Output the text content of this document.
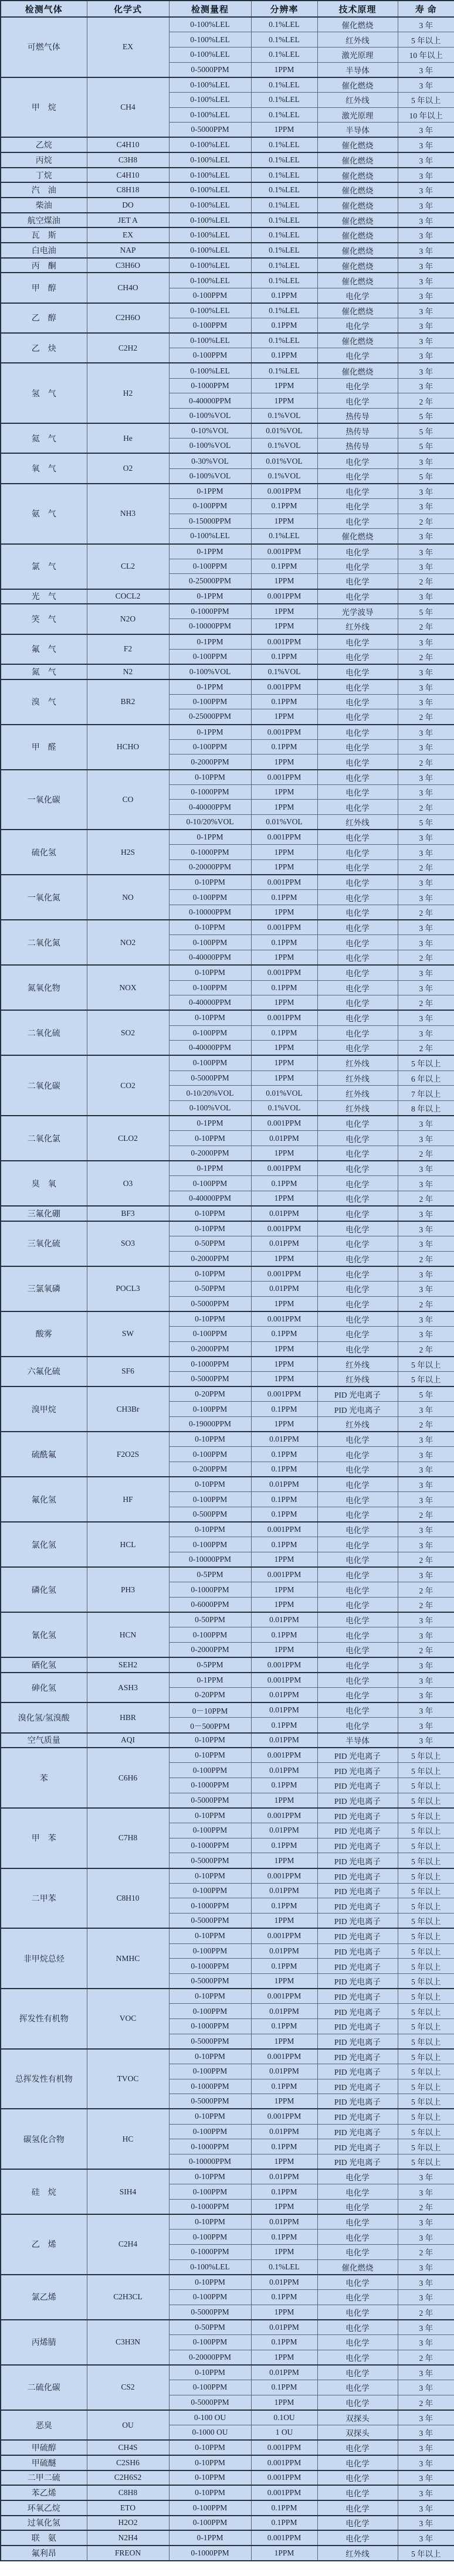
检测气体	化学式	检测量程	分辨率	技术原理	寿 命
可燃气体	EX	0-100%LEL	0.1%LEL	催化燃烧	3 年
		0-100%LEL	0.1%LEL	红外线	5 年以上
		0-100%LEL	0.1%LEL	激光原理	10 年以上
		0-5000PPM	1PPM	半导体	3 年
甲　烷	CH4	0-100%LEL	0.1%LEL	催化燃烧	3 年
		0-100%LEL	0.1%LEL	红外线	5 年以上
		0-100%LEL	0.1%LEL	激光原理	10 年以上
		0-5000PPM	1PPM	半导体	3 年
乙烷	C4H10	0-100%LEL	0.1%LEL	催化燃烧	3 年
丙烷	C3H8	0-100%LEL	0.1%LEL	催化燃烧	3 年
丁烷	C4H10	0-100%LEL	0.1%LEL	催化燃烧	3 年
汽　油	C8H18	0-100%LEL	0.1%LEL	催化燃烧	3 年
柴油	DO	0-100%LEL	0.1%LEL	催化燃烧	3 年
航空煤油	JET A	0-100%LEL	0.1%LEL	催化燃烧	3 年
瓦　斯	EX	0-100%LEL	0.1%LEL	催化燃烧	3 年
白电油	NAP	0-100%LEL	0.1%LEL	催化燃烧	3 年
丙　酮	C3H6O	0-100%LEL	0.1%LEL	催化燃烧	3 年
甲　醇	CH4O	0-100%LEL	0.1%LEL	催化燃烧	3 年
		0-100PPM	0.1PPM	电化学	3 年
乙　醇	C2H6O	0-100%LEL	0.1%LEL	催化燃烧	3 年
		0-100PPM	0.1PPM	电化学	3 年
乙　炔	C2H2	0-100%LEL	0.1%LEL	催化燃烧	3 年
		0-100PPM	0.1PPM	电化学	3 年
氢　气	H2	0-100%LEL	0.1%LEL	催化燃烧	3 年
		0-1000PPM	1PPM	电化学	3 年
		0-40000PPM	1PPM	电化学	2 年
		0-100%VOL	0.1%VOL	热传导	5 年
氦　气	He	0-10%VOL	0.01%VOL	热传导	5 年
		0-100%VOL	0.1%VOL	热传导	5 年
氧　气	O2	0-30%VOL	0.01%VOL	电化学	3 年
		0-100%VOL	0.1%VOL	电化学	5 年
氨　气	NH3	0-1PPM	0.001PPM	电化学	3 年
		0-100PPM	0.1PPM	电化学	3 年
		0-15000PPM	1PPM	电化学	2 年
		0-100%LEL	0.1%LEL	催化燃烧	3 年
氯　气	CL2	0-1PPM	0.001PPM	电化学	3 年
		0-100PPM	0.1PPM	电化学	3 年
		0-25000PPM	1PPM	电化学	2 年
光　气	COCL2	0-1PPM	0.001PPM	电化学	3 年
笑　气	N2O	0-1000PPM	1PPM	光学波导	5 年
		0-10000PPM	1PPM	红外线	2 年
氟　气	F2	0-1PPM	0.001PPM	电化学	3 年
		0-100PPM	0.1PPM	电化学	2 年
氮　气	N2	0-100%VOL	0.1%VOL	电化学	3 年
溴　气	BR2	0-1PPM	0.001PPM	电化学	3 年
		0-100PPM	0.1PPM	电化学	3 年
		0-25000PPM	1PPM	电化学	2 年
甲　醛	HCHO	0-1PPM	0.001PPM	电化学	3 年
		0-100PPM	0.1PPM	电化学	3 年
		0-2000PPM	1PPM	电化学	2 年
一氧化碳	CO	0-10PPM	0.001PPM	电化学	3 年
		0-1000PPM	1PPM	电化学	3 年
		0-40000PPM	1PPM	电化学	2 年
		0-10/20%VOL	0.01%VOL	红外线	5 年
硫化氢	H2S	0-1PPM	0.001PPM	电化学	3 年
		0-1000PPM	1PPM	电化学	3 年
		0-20000PPM	1PPM	电化学	2 年
一氧化氮	NO	0-10PPM	0.001PPM	电化学	3 年
		0-100PPM	0.1PPM	电化学	3 年
		0-10000PPM	1PPM	电化学	2 年
二氧化氮	NO2	0-10PPM	0.001PPM	电化学	3 年
		0-100PPM	0.1PPM	电化学	3 年
		0-40000PPM	1PPM	电化学	2 年
氮氧化物	NOX	0-10PPM	0.001PPM	电化学	3 年
		0-100PPM	0.1PPM	电化学	3 年
		0-40000PPM	1PPM	电化学	2 年
二氧化硫	SO2	0-10PPM	0.001PPM	电化学	3 年
		0-100PPM	0.1PPM	电化学	3 年
		0-40000PPM	1PPM	电化学	2 年
二氧化碳	CO2	0-100PPM	1PPM	红外线	5 年以上
		0-5000PPM	1PPM	红外线	6 年以上
		0-10/20%VOL	0.01%VOL	红外线	7 年以上
		0-100%VOL	0.1%VOL	红外线	8 年以上
二氧化氯	CLO2	0-1PPM	0.001PPM	电化学	3 年
		0-10PPM	0.01PPM	电化学	3 年
		0-2000PPM	1PPM	电化学	2 年
臭　氧	O3	0-1PPM	0.001PPM	电化学	3 年
		0-100PPM	0.1PPM	电化学	3 年
		0-40000PPM	1PPM	电化学	2 年
三氟化硼	BF3	0-10PPM	0.01PPM	电化学	3 年
三氧化硫	SO3	0-10PPM	0.001PPM	电化学	3 年
		0-50PPM	0.01PPM	电化学	3 年
		0-2000PPM	1PPM	电化学	2 年
三氯氧磷	POCL3	0-10PPM	0.001PPM	电化学	3 年
		0-50PPM	0.01PPM	电化学	3 年
		0-5000PPM	1PPM	电化学	2 年
酸雾	SW	0-10PPM	0.001PPM	电化学	3 年
		0-100PPM	0.1PPM	电化学	3 年
		0-2000PPM	1PPM	电化学	2 年
六氟化硫	SF6	0-1000PPM	1PPM	红外线	5 年以上
		0-5000PPM	1PPM	红外线	5 年以上
溴甲烷	CH3Br	0-20PPM	0.001PPM	PID 光电离子	5 年
		0-100PPM	0.1PPM	PID 光电离子	3 年
		0-19000PPM	1PPM	红外线	2 年
硫酰氟	F2O2S	0-10PPM	0.01PPM	电化学	3 年
		0-100PPM	0.1PPM	电化学	3 年
		0-200PPM	0.1PPM	电化学	3 年
氟化氢	HF	0-10PPM	0.01PPM	电化学	3 年
		0-100PPM	0.1PPM	电化学	3 年
		0-500PPM	0.1PPM	电化学	2 年
氯化氢	HCL	0-10PPM	0.001PPM	电化学	3 年
		0-100PPM	0.1PPM	电化学	3 年
		0-10000PPM	1PPM	电化学	2 年
磷化氢	PH3	0-5PPM	0.001PPM	电化学	3 年
		0-1000PPM	1PPM	电化学	2 年
		0-6000PPM	1PPM	电化学	2 年
氰化氢	HCN	0-50PPM	0.01PPM	电化学	3 年
		0-100PPM	0.1PPM	电化学	3 年
		0-2000PPM	1PPM	电化学	2 年
硒化氢	SEH2	0-5PPM	0.001PPM	电化学	3 年
砷化氢	ASH3	0-1PPM	0.001PPM	电化学	3 年
		0-20PPM	0.01PPM	电化学	3 年
溴化氢/氢溴酸	HBR	0－10PPM	0.01PPM	电化学	3 年
		0－500PPM	0.1PPM	电化学	3 年
空气质量	AQI	0-10PPM	0.01PPM	半导体	3 年
苯	C6H6	0-10PPM	0.001PPM	PID 光电离子	5 年以上
		0-100PPM	0.01PPM	PID 光电离子	5 年以上
		0-1000PPM	0.1PPM	PID 光电离子	5 年以上
		0-5000PPM	1PPM	PID 光电离子	5 年以上
甲　苯	C7H8	0-10PPM	0.001PPM	PID 光电离子	5 年以上
		0-100PPM	0.01PPM	PID 光电离子	5 年以上
		0-1000PPM	0.1PPM	PID 光电离子	5 年以上
		0-5000PPM	1PPM	PID 光电离子	5 年以上
二甲苯	C8H10	0-10PPM	0.001PPM	PID 光电离子	5 年以上
		0-100PPM	0.01PPM	PID 光电离子	5 年以上
		0-1000PPM	0.1PPM	PID 光电离子	5 年以上
		0-5000PPM	1PPM	PID 光电离子	5 年以上
非甲烷总烃	NMHC	0-10PPM	0.001PPM	PID 光电离子	5 年以上
		0-100PPM	0.01PPM	PID 光电离子	5 年以上
		0-1000PPM	0.1PPM	PID 光电离子	5 年以上
		0-5000PPM	1PPM	PID 光电离子	5 年以上
挥发性有机物	VOC	0-10PPM	0.001PPM	PID 光电离子	5 年以上
		0-100PPM	0.01PPM	PID 光电离子	5 年以上
		0-1000PPM	0.1PPM	PID 光电离子	5 年以上
		0-5000PPM	1PPM	PID 光电离子	5 年以上
总挥发性有机物	TVOC	0-10PPM	0.001PPM	PID 光电离子	5 年以上
		0-100PPM	0.01PPM	PID 光电离子	5 年以上
		0-1000PPM	0.1PPM	PID 光电离子	5 年以上
		0-5000PPM	1PPM	PID 光电离子	5 年以上
碳氢化合物	HC	0-10PPM	0.001PPM	PID 光电离子	5 年以上
		0-100PPM	0.01PPM	PID 光电离子	5 年以上
		0-1000PPM	0.1PPM	PID 光电离子	5 年以上
		0-10000PPM	1PPM	PID 光电离子	5 年以上
硅　烷	SIH4	0-10PPM	0.01PPM	电化学	3 年
		0-100PPM	0.1PPM	电化学	3 年
		0-1000PPM	1PPM	电化学	2 年
乙　烯	C2H4	0-10PPM	0.01PPM	电化学	3 年
		0-100PPM	0.1PPM	电化学	3 年
		0-1000PPM	1PPM	电化学	2 年
		0-100%LEL	0.1%LEL	催化燃烧	3 年
氯乙烯	C2H3CL	0-10PPM	0.01PPM	电化学	3 年
		0-100PPM	0.1PPM	电化学	3 年
		0-5000PPM	1PPM	电化学	2 年
丙烯腈	C3H3N	0-50PPM	0.01PPM	电化学	3 年
		0-100PPM	0.1PPM	电化学	3 年
		0-20000PPM	1PPM	电化学	2 年
二硫化碳	CS2	0-10PPM	0.01PPM	电化学	3 年
		0-100PPM	0.1PPM	电化学	3 年
		0-5000PPM	1PPM	电化学	2 年
恶臭	OU	0-100 OU	0.1OU	双探头	3 年
		0-1000 OU	1 OU	双探头	3 年
甲硫醇	CH4S	0-10PPM	0.001PPM	电化学	3 年
甲硫醚	C2SH6	0-10PPM	0.001PPM	电化学	3 年
二甲二硫	C2H6S2	0-10PPM	0.001PPM	电化学	3 年
苯乙烯	C8H8	0-10PPM	0.001PPM	电化学	3 年
环氧乙烷	ETO	0-100PPM	0.1PPM	电化学	3 年
过氧化氢	H2O2	0-100PPM	0.1PPM	电化学	3 年
联　氨	N2H4	0-1PPM	0.001PPM	电化学	3 年
氟利昂	FREON	0-1000PPM	1PPM	红外线	5 年以上
